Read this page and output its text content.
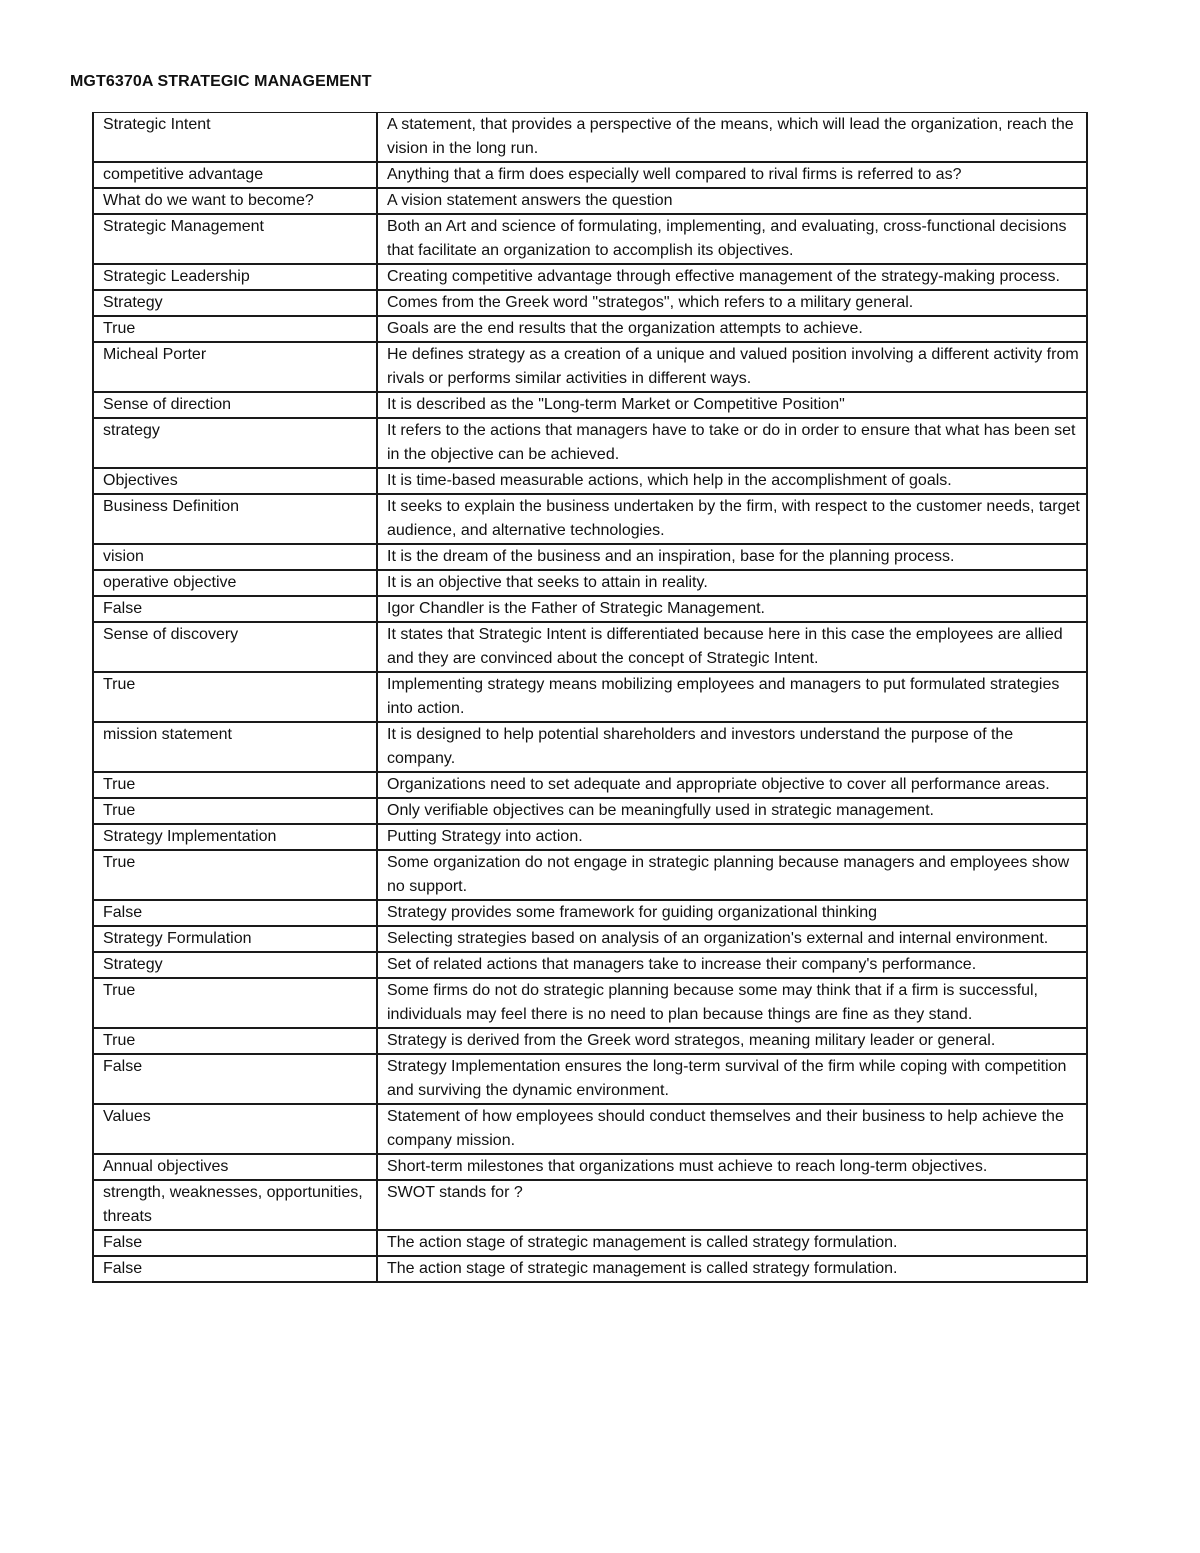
MGT6370A STRATEGIC MANAGEMENT
Strategic Intent	A statement, that provides a perspective of the means, which will lead the organization, reach the vision in the long run.
competitive advantage	Anything that a firm does especially well compared to rival firms is referred to as?
What do we want to become?	A vision statement answers the question
Strategic Management	Both an Art and science of formulating, implementing, and evaluating, cross-functional decisions that facilitate an organization to accomplish its objectives.
Strategic Leadership	Creating competitive advantage through effective management of the strategy-making process.
Strategy	Comes from the Greek word "strategos", which refers to a military general.
True	Goals are the end results that the organization attempts to achieve.
Micheal Porter	He defines strategy as a creation of a unique and valued position involving a different activity from rivals or performs similar activities in different ways.
Sense of direction	It is described as the "Long-term Market or Competitive Position"
strategy	It refers to the actions that managers have to take or do in order to ensure that what has been set in the objective can be achieved.
Objectives	It is time-based measurable actions, which help in the accomplishment of goals.
Business Definition	It seeks to explain the business undertaken by the firm, with respect to the customer needs, target audience, and alternative technologies.
vision	It is the dream of the business and an inspiration, base for the planning process.
operative objective	It is an objective that seeks to attain in reality.
False	Igor Chandler is the Father of Strategic Management.
Sense of discovery	It states that Strategic Intent is differentiated because here in this case the employees are allied and they are convinced about the concept of Strategic Intent.
True	Implementing strategy means mobilizing employees and managers to put formulated strategies into action.
mission statement	It is designed to help potential shareholders and investors understand the purpose of the company.
True	Organizations need to set adequate and appropriate objective to cover all performance areas.
True	Only verifiable objectives can be meaningfully used in strategic management.
Strategy Implementation	Putting Strategy into action.
True	Some organization do not engage in strategic planning because managers and employees show no support.
False	Strategy provides some framework for guiding organizational thinking
Strategy Formulation	Selecting strategies based on analysis of an organization's external and internal environment.
Strategy	Set of related actions that managers take to increase their company's performance.
True	Some firms do not do strategic planning because some may think that if a firm is successful, individuals may feel there is no need to plan because things are fine as they stand.
True	Strategy is derived from the Greek word strategos, meaning military leader or general.
False	Strategy Implementation ensures the long-term survival of the firm while coping with competition and surviving the dynamic environment.
Values	Statement of how employees should conduct themselves and their business to help achieve the company mission.
Annual objectives	Short-term milestones that organizations must achieve to reach long-term objectives.
strength, weaknesses, opportunities, threats	SWOT stands for ?
False	The action stage of strategic management is called strategy formulation.
False	The action stage of strategic management is called strategy formulation.
